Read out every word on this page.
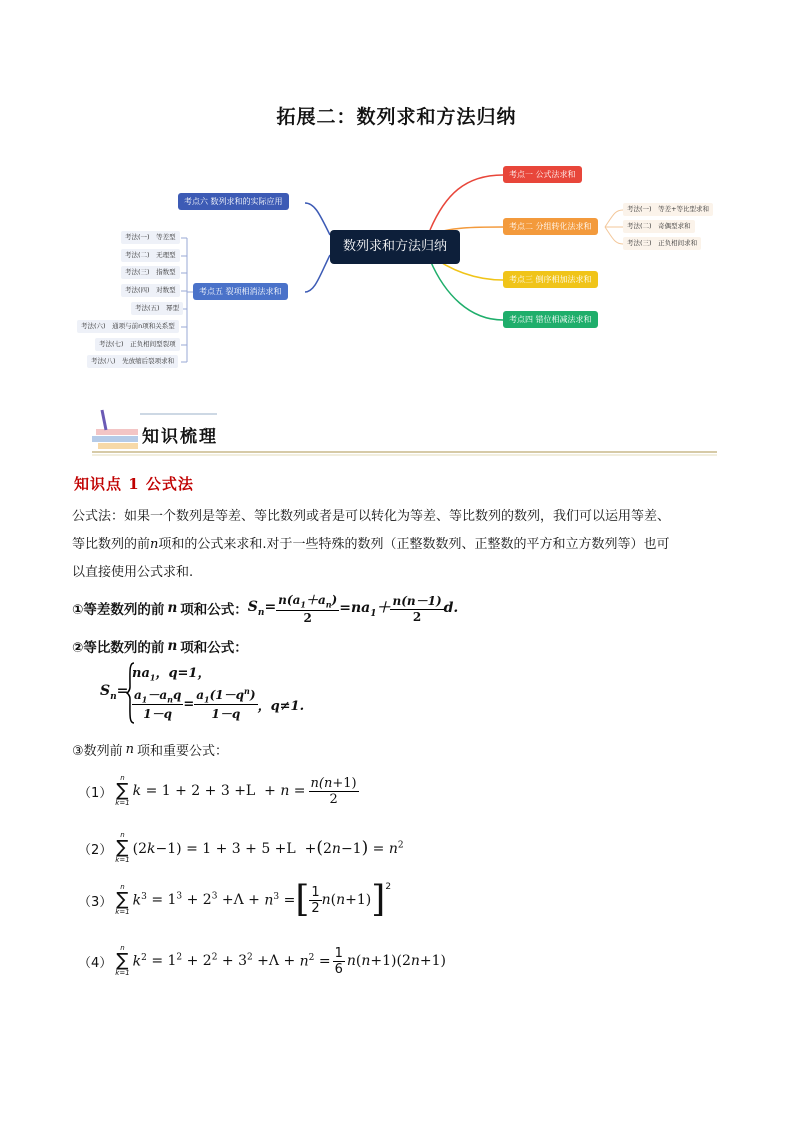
拓展二：数列求和方法归纳
数列求和方法归纳
考点一 公式法求和
考点二 分组转化法求和
考点三 倒序相加法求和
考点四 错位相减法求和
考法(一)　等差+等比型求和
考法(二)　奇偶型求和
考法(三)　正负相间求和
考点六 数列求和的实际应用
考点五 裂项相消法求和
考法(一)　等差型
考法(二)　无理型
考法(三)　指数型
考法(四)　对数型
考法(五)　幂型
考法(六)　通项与前n项和关系型
考法(七)　正负相间型裂项
考法(八)　先放缩后裂项求和
知识梳理
知识点 1 公式法
公式法：如果一个数列是等差、等比数列或者是可以转化为等差、等比数列的数列，我们可以运用等差、
等比数列的前n项和的公式来求和.对于一些特殊的数列（正整数数列、正整数的平方和立方数列等）也可
以直接使用公式求和.
①等差数列的前 n 项和公式： $S_n= \frac{n(a_1+a_n)}{2} =na_1+ \frac{n(n-1)}{2} d$.
②等比数列的前 n 项和公式：
$S_n=$
$na_1$，q=1，
$\frac{a_1-a_nq}{1-q} = \frac{a_1(1-q^n)}{1-q}$ ，q≠1.
③数列前 n 项和重要公式：
（1）
n
∑
k=1
$k = 1 + 2 + 3 +L + n = \frac{n(n+1)}{2}$
（2）
n
∑
k=1
$(2k-1) = 1 + 3 + 5 +L +(2n-1) = n^2$
（3）
n
∑
k=1
$k^3 = 1^3 + 2^3 +\Lambda + n^3$ = [ $\frac{1}{2} n(n+1)$ ]$^2$
（4）
n
∑
k=1
$k^2 = 1^2 + 2^2 + 3^2 +\Lambda + n^2 = \frac{1}{6} n(n+1)(2n+1)$
